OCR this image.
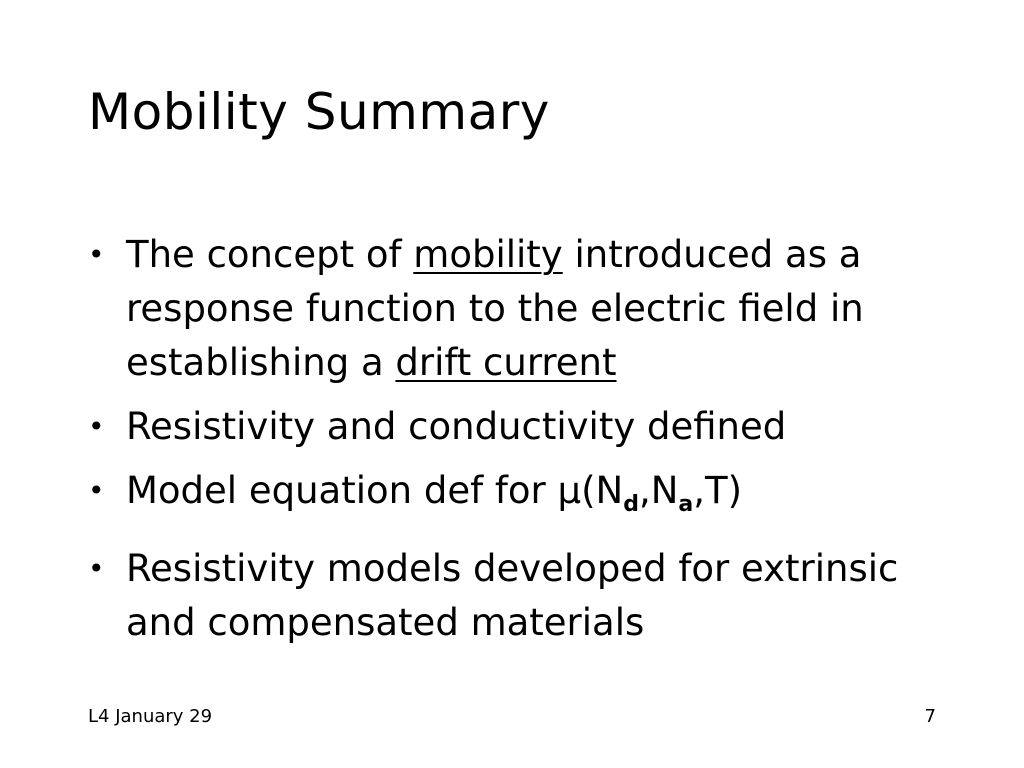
Mobility Summary
• The concept of mobility introduced as a response function to the electric field in establishing a drift current
• Resistivity and conductivity defined
• Model equation def for $\mu(N_d,N_a,T)$
• Resistivity models developed for extrinsic and compensated materials
L4 January 29	7
